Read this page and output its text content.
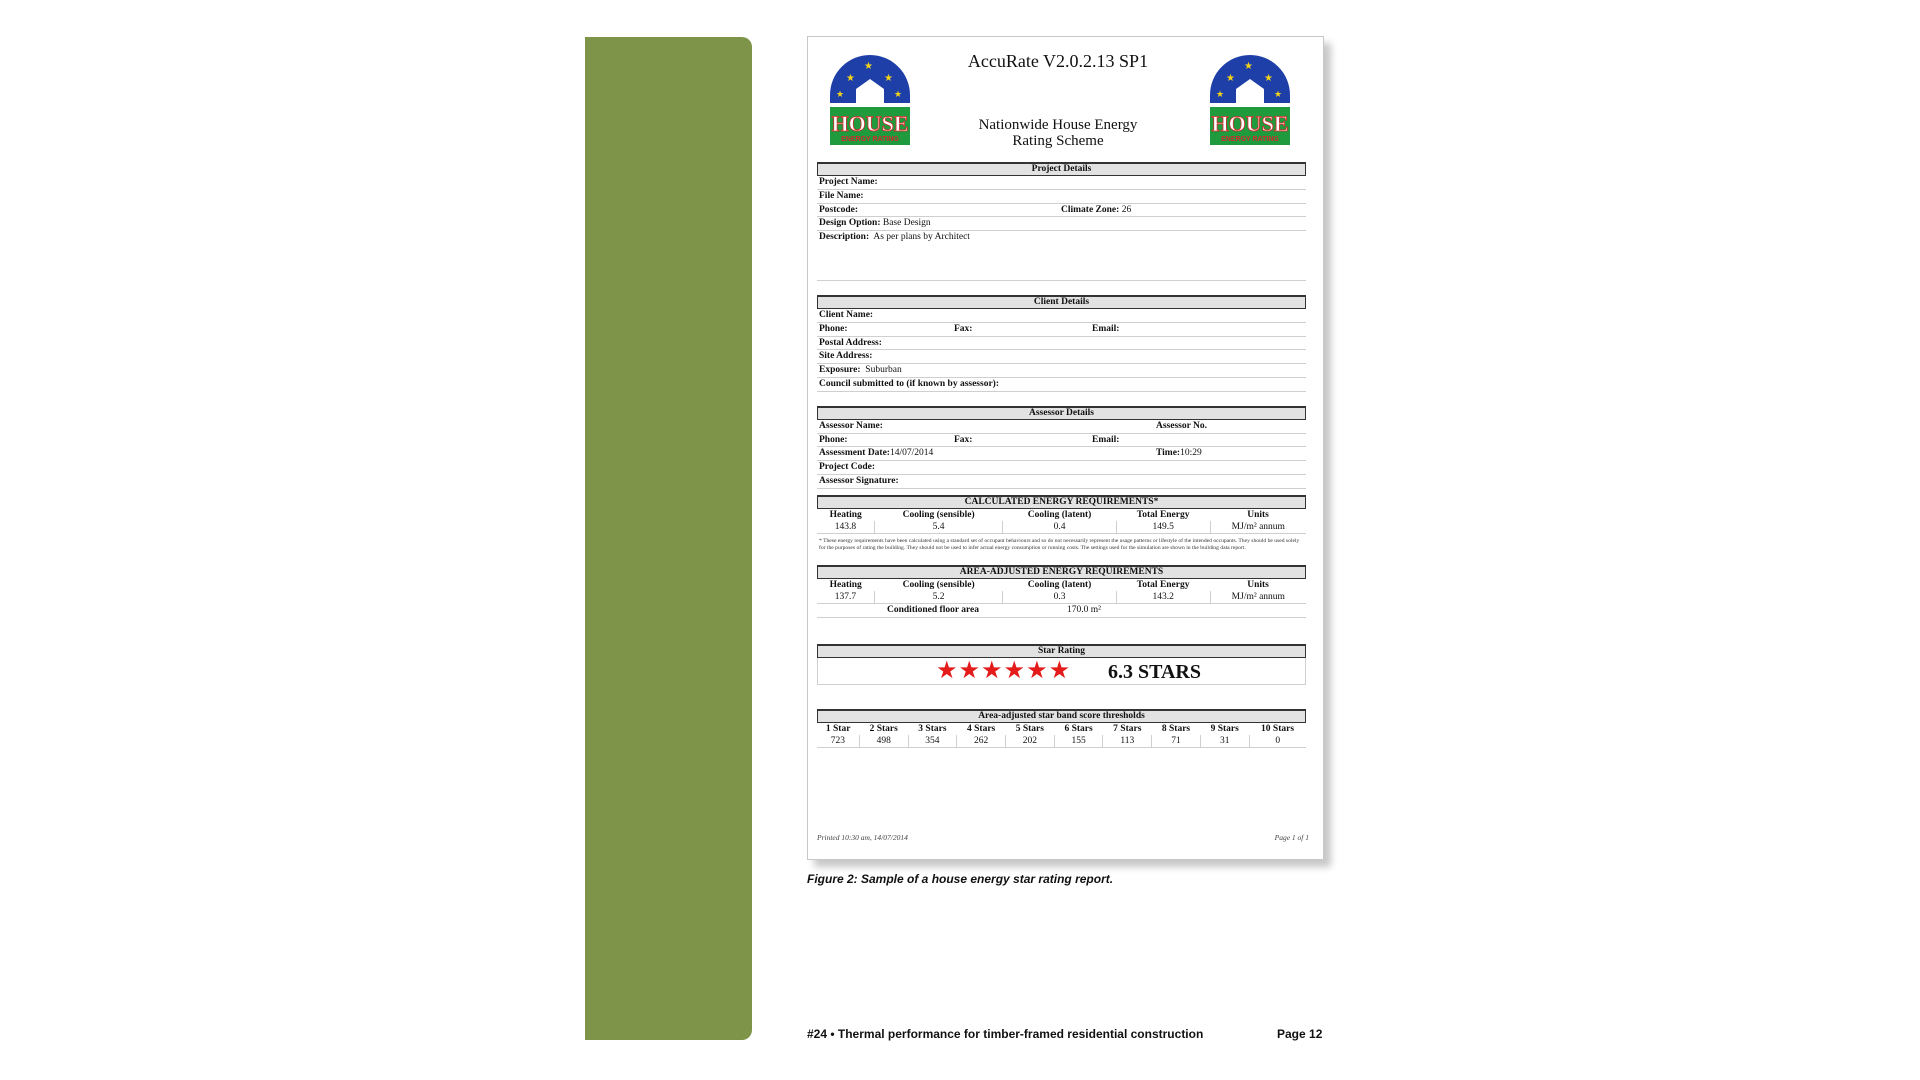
★
★
★
★	★
HOUSE
ENERGY RATING
★
★
★
★	★
HOUSE
ENERGY RATING
AccuRate V2.0.2.13 SP1
Nationwide House Energy
Rating Scheme
Project Details
Project Name:
File Name:
Postcode:	Climate Zone: 26
Design Option: Base Design
Description: As per plans by Architect
Client Details
Client Name:
Phone:	Fax:	Email:
Postal Address:
Site Address:
Exposure: Suburban
Council submitted to (if known by assessor):
Assessor Details
Assessor Name:	Assessor No.
Phone:	Fax:	Email:
Assessment Date:14/07/2014	Time:10:29
Project Code:
Assessor Signature:
CALCULATED ENERGY REQUIREMENTS*
Heating	Cooling (sensible)	Cooling (latent)	Total Energy	Units
143.8	5.4	0.4	149.5	MJ/m² annum
* These energy requirements have been calculated using a standard set of occupant behaviours and so do not necessarily represent the usage patterns or lifestyle of the intended occupants. They should be used solely for the purposes of rating the building. They should not be used to infer actual energy consumption or running costs. The settings used for the simulation are shown in the building data report.
AREA-ADJUSTED ENERGY REQUIREMENTS
Heating	Cooling (sensible)	Cooling (latent)	Total Energy	Units
137.7	5.2	0.3	143.2	MJ/m² annum
Conditioned floor area	170.0 m²
Star Rating
★★★★★★ 6.3 STARS
Area-adjusted star band score thresholds
1 Star	2 Stars	3 Stars	4 Stars	5 Stars	6 Stars	7 Stars	8 Stars	9 Stars	10 Stars
723	498	354	262	202	155	113	71	31	0
Printed 10:30 am, 14/07/2014	Page 1 of 1
Figure 2: Sample of a house energy star rating report.
#24 • Thermal performance for timber-framed residential construction	Page 12
